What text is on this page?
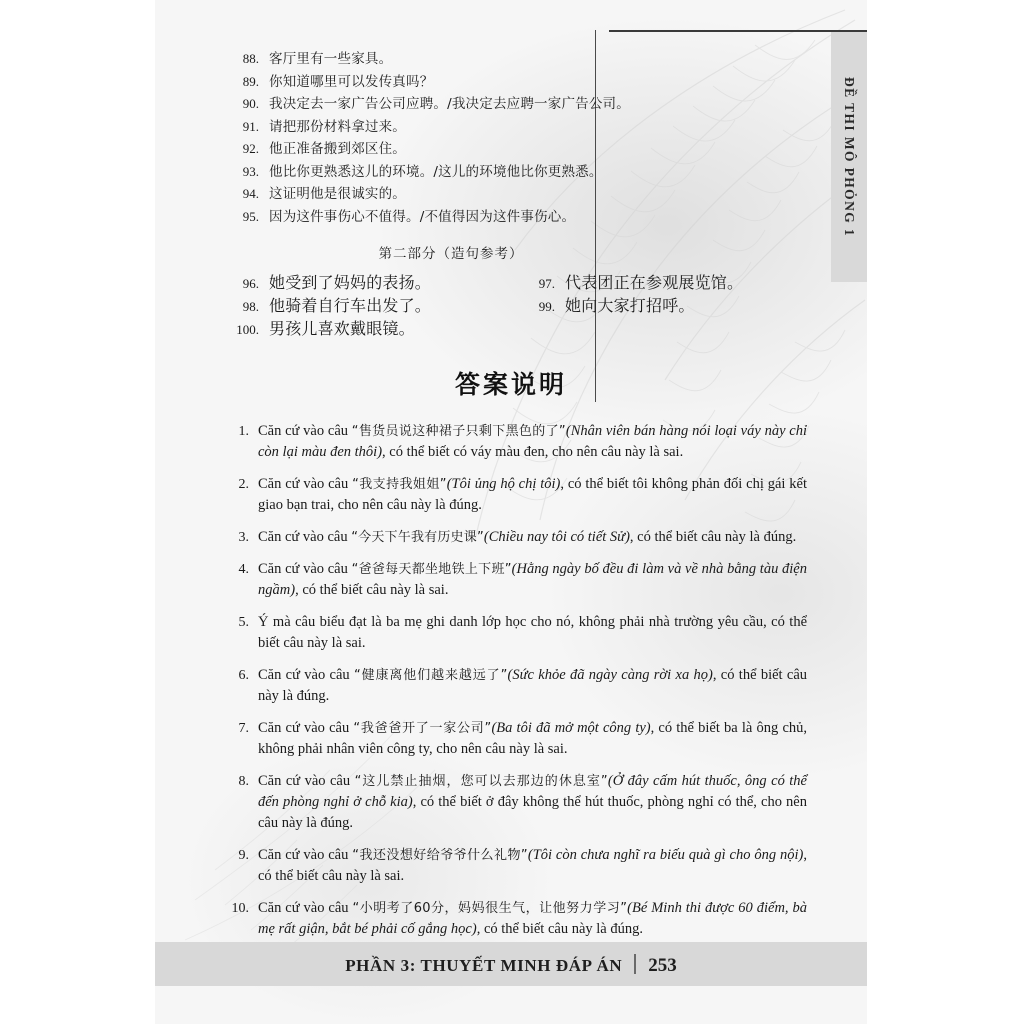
ĐỀ THI MÔ PHỎNG 1
88. 客厅里有一些家具。
89. 你知道哪里可以发传真吗？
90. 我决定去一家广告公司应聘。/我决定去应聘一家广告公司。
91. 请把那份材料拿过来。
92. 他正准备搬到郊区住。
93. 他比你更熟悉这儿的环境。/这儿的环境他比你更熟悉。
94. 这证明他是很诚实的。
95. 因为这件事伤心不值得。/不值得因为这件事伤心。
第二部分（造句参考）
96. 她受到了妈妈的表扬。	97. 代表团正在参观展览馆。
98. 他骑着自行车出发了。	99. 她向大家打招呼。
100. 男孩儿喜欢戴眼镜。
答案说明
1. Căn cứ vào câu “售货员说这种裙子只剩下黑色的了”(Nhân viên bán hàng nói loại váy này chỉ còn lại màu đen thôi), có thể biết có váy màu đen, cho nên câu này là sai.
2. Căn cứ vào câu “我支持我姐姐”(Tôi ủng hộ chị tôi), có thể biết tôi không phản đối chị gái kết giao bạn trai, cho nên câu này là đúng.
3. Căn cứ vào câu “今天下午我有历史课”(Chiều nay tôi có tiết Sử), có thể biết câu này là đúng.
4. Căn cứ vào câu “爸爸每天都坐地铁上下班”(Hằng ngày bố đều đi làm và về nhà bằng tàu điện ngầm), có thể biết câu này là sai.
5. Ý mà câu biểu đạt là ba mẹ ghi danh lớp học cho nó, không phải nhà trường yêu cầu, có thể biết câu này là sai.
6. Căn cứ vào câu “健康离他们越来越远了”(Sức khỏe đã ngày càng rời xa họ), có thể biết câu này là đúng.
7. Căn cứ vào câu “我爸爸开了一家公司”(Ba tôi đã mở một công ty), có thể biết ba là ông chủ, không phải nhân viên công ty, cho nên câu này là sai.
8. Căn cứ vào câu “这儿禁止抽烟，您可以去那边的休息室”(Ở đây cấm hút thuốc, ông có thể đến phòng nghỉ ở chỗ kia), có thể biết ở đây không thể hút thuốc, phòng nghỉ có thể, cho nên câu này là đúng.
9. Căn cứ vào câu “我还没想好给爷爷什么礼物”(Tôi còn chưa nghĩ ra biếu quà gì cho ông nội), có thể biết câu này là sai.
10. Căn cứ vào câu “小明考了60分，妈妈很生气，让他努力学习”(Bé Minh thi được 60 điểm, bà mẹ rất giận, bắt bé phải cố gắng học), có thể biết câu này là đúng.
PHẦN 3: THUYẾT MINH ĐÁP ÁN 253
